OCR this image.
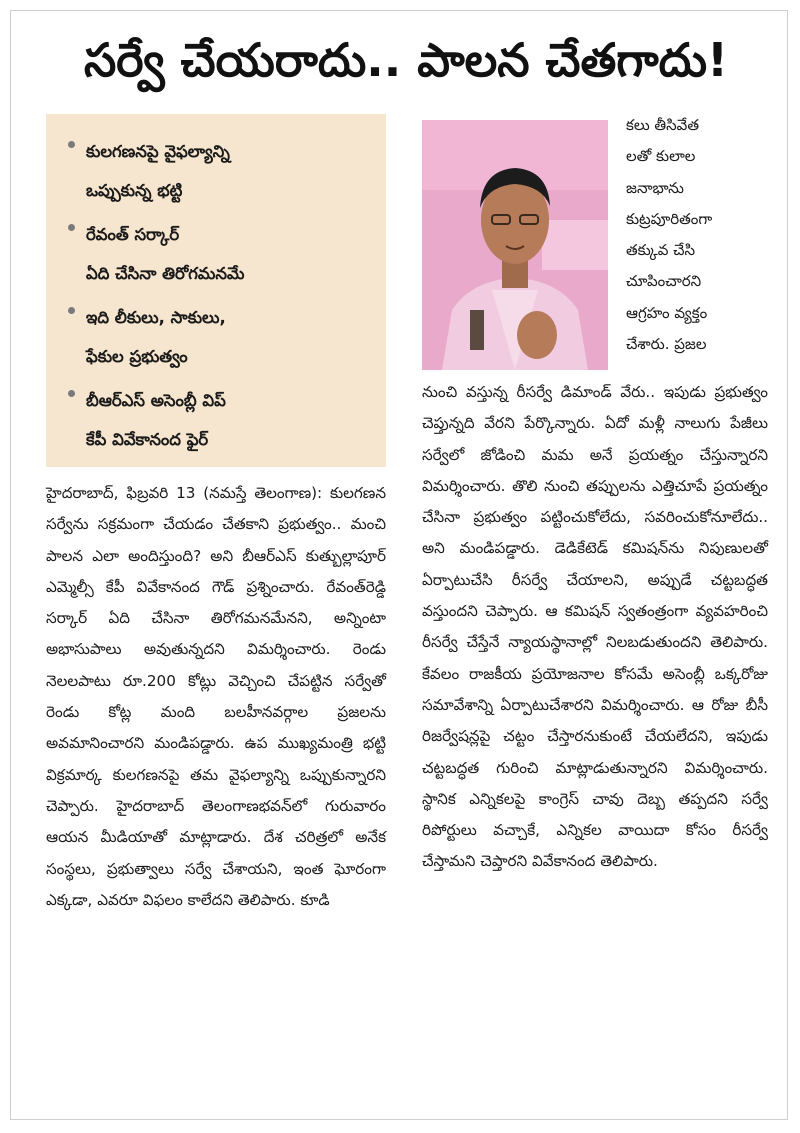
సర్వే చేయరాదు.. పాలన చేతగాదు!
కులగణనపై వైఫల్యాన్ని
ఒప్పుకున్న భట్టి
రేవంత్ సర్కార్
ఏది చేసినా తిరోగమనమే
ఇది లీకులు, సాకులు,
ఫేకుల ప్రభుత్వం
బీఆర్ఎస్ అసెంబ్లీ విప్
కేపీ వివేకానంద ఫైర్

హైదరాబాద్, ఫిబ్రవరి 13 (నమస్తే తెలంగాణ): కులగణన సర్వేను సక్రమంగా చేయడం చేతకాని ప్రభుత్వం.. మంచి పాలన ఎలా అందిస్తుంది? అని బీఆర్ఎస్ కుత్బుల్లాపూర్ ఎమ్మెల్సీ కేపీ వివేకానంద గౌడ్ ప్రశ్నించారు. రేవంత్‌రెడ్డి సర్కార్ ఏది చేసినా తిరోగమనమేనని, అన్నింటా అభాసుపాలు అవుతున్నదని విమర్శించారు. రెండు నెలలపాటు రూ.200 కోట్లు వెచ్చించి చేపట్టిన సర్వేతో రెండు కోట్ల మంది బలహీనవర్గాల ప్రజలను అవమానించారని మండిపడ్డారు. ఉప ముఖ్యమంత్రి భట్టి విక్రమార్క కులగణనపై తమ వైఫల్యాన్ని ఒప్పుకున్నారని చెప్పారు. హైదరాబాద్ తెలంగాణభవన్‌లో గురువారం ఆయన మీడియాతో మాట్లాడారు. దేశ చరిత్రలో అనేక సంస్థలు, ప్రభుత్వాలు సర్వే చేశాయని, ఇంత ఘోరంగా ఎక్కడా, ఎవరూ విఫలం కాలేదని తెలిపారు. కూడి

కలు తీసివేత
లతో కులాల
జనాభాను
కుట్రపూరితంగా
తక్కువ చేసి
చూపించారని
ఆగ్రహం వ్యక్తం
చేశారు. ప్రజల

నుంచి వస్తున్న రీసర్వే డిమాండ్ వేరు.. ఇపుడు ప్రభుత్వం చెప్తున్నది వేరని పేర్కొన్నారు. ఏదో మళ్లీ నాలుగు పేజీలు సర్వేలో జోడించి మమ అనే ప్రయత్నం చేస్తున్నారని విమర్శించారు. తొలి నుంచి తప్పులను ఎత్తిచూపే ప్రయత్నం చేసినా ప్రభుత్వం పట్టించుకోలేదు, సవరించుకోనూలేదు.. అని మండిపడ్డారు. డెడికేటెడ్ కమిషన్‌ను నిపుణులతో ఏర్పాటుచేసి రీసర్వే చేయాలని, అప్పుడే చట్టబద్ధత వస్తుందని చెప్పారు. ఆ కమిషన్ స్వతంత్రంగా వ్యవహరించి రీసర్వే చేస్తేనే న్యాయస్థానాల్లో నిలబడుతుందని తెలిపారు. కేవలం రాజకీయ ప్రయోజనాల కోసమే అసెంబ్లీ ఒక్కరోజు సమావేశాన్ని ఏర్పాటుచేశారని విమర్శించారు. ఆ రోజు బీసీ రిజర్వేషన్లపై చట్టం చేస్తారనుకుంటే చేయలేదని, ఇపుడు చట్టబద్ధత గురించి మాట్లాడుతున్నారని విమర్శించారు. స్థానిక ఎన్నికలపై కాంగ్రెస్ చావు దెబ్బ తప్పదని సర్వే రిపోర్టులు వచ్చాకే, ఎన్నికల వాయిదా కోసం రీసర్వే చేస్తామని చెప్తారని వివేకానంద తెలిపారు.
